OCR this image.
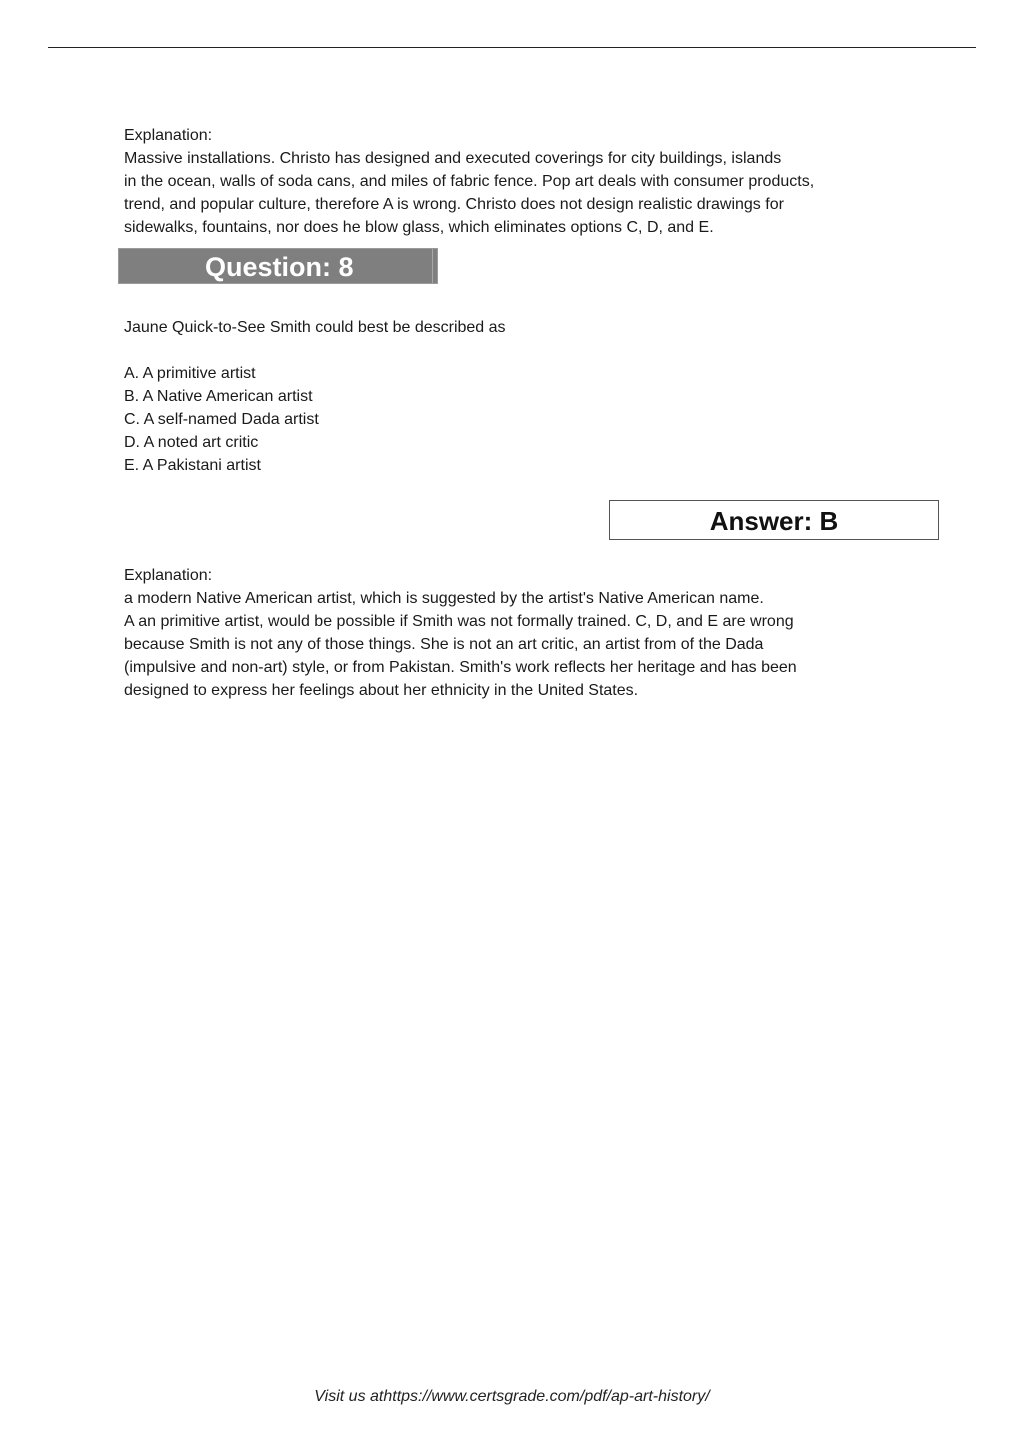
Explanation:
Massive installations. Christo has designed and executed coverings for city buildings, islands
in the ocean, walls of soda cans, and miles of fabric fence. Pop art deals with consumer products,
trend, and popular culture, therefore A is wrong. Christo does not design realistic drawings for
sidewalks, fountains, nor does he blow glass, which eliminates options C, D, and E.
Question: 8
Jaune Quick-to-See Smith could best be described as
A. A primitive artist
B. A Native American artist
C. A self-named Dada artist
D. A noted art critic
E. A Pakistani artist
Answer: B
Explanation:
a modern Native American artist, which is suggested by the artist's Native American name.
A an primitive artist, would be possible if Smith was not formally trained. C, D, and E are wrong
because Smith is not any of those things. She is not an art critic, an artist from of the Dada
(impulsive and non-art) style, or from Pakistan. Smith's work reflects her heritage and has been
designed to express her feelings about her ethnicity in the United States.
Visit us athttps://www.certsgrade.com/pdf/ap-art-history/
